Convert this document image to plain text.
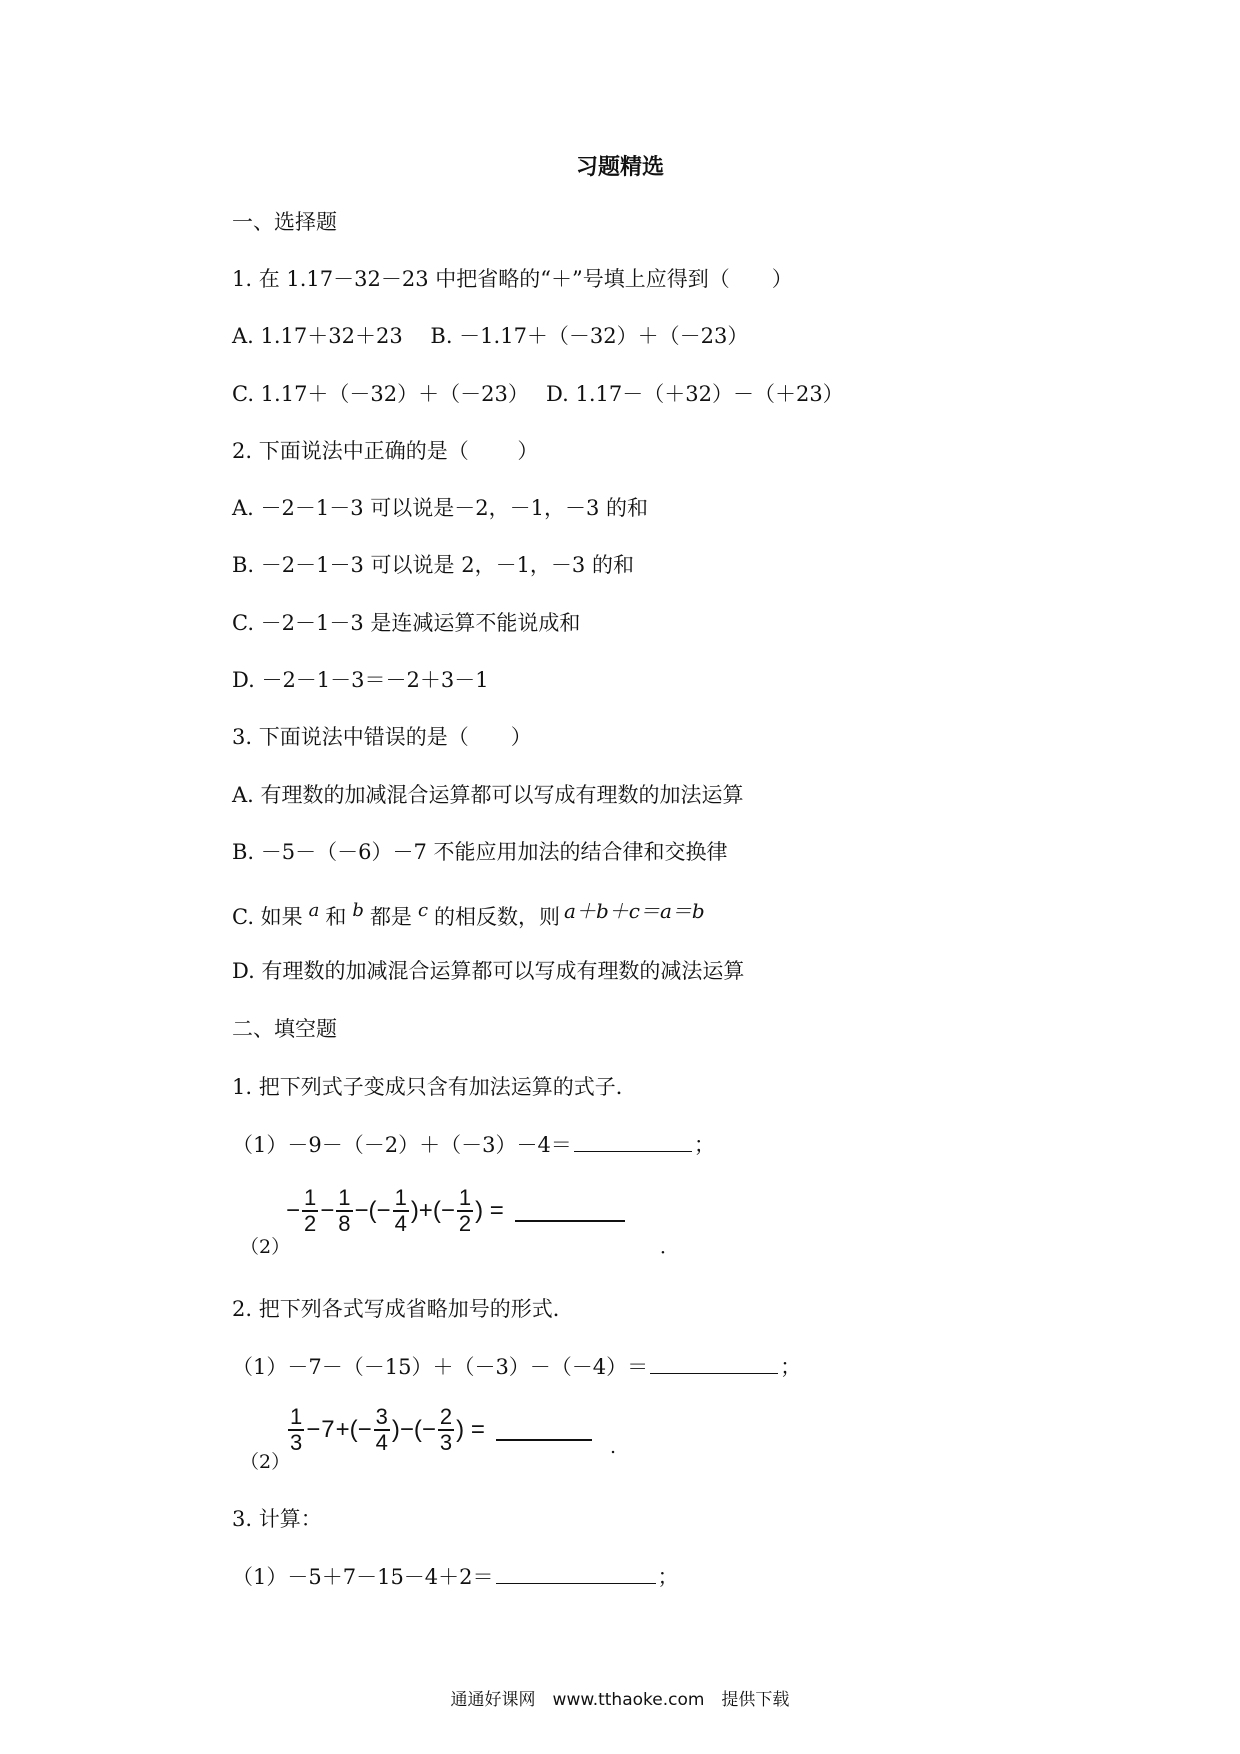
习题精选
一、选择题
1. 在 1.17－32－23 中把省略的“＋”号填上应得到（　　）
A. 1.17＋32＋23　 B. －1.17＋（－32）＋（－23）
C. 1.17＋（－32）＋（－23）　 D. 1.17－（＋32）－（＋23）
2. 下面说法中正确的是（　　 ）
A. －2－1－3 可以说是－2，－1，－3 的和
B. －2－1－3 可以说是 2，－1，－3 的和
C. －2－1－3 是连减运算不能说成和
D. －2－1－3＝－2＋3－1
3. 下面说法中错误的是（　　）
A. 有理数的加减混合运算都可以写成有理数的加法运算
B. －5－（－6）－7 不能应用加法的结合律和交换律
C. 如果 a 和 b 都是 c 的相反数，则 a＋b＋c＝a＝b
D. 有理数的加减混合运算都可以写成有理数的减法运算
二、填空题
1. 把下列式子变成只含有加法运算的式子．
（1）－9－（－2）＋（－3）－4＝	；
（2）
− $\frac{1}{2} - \frac{1}{8}$ −(− $\frac{1}{4}$ )+(− $\frac{1}{2}$ ) =
．
2. 把下列各式写成省略加号的形式．
（1）－7－（－15）＋（－3）－（－4）＝	；
（2）
$\frac{1}{3} - 7$ +(− $\frac{3}{4}$ )−(− $\frac{2}{3}$ ) =
.
3. 计算：
（1）－5＋7－15－4＋2＝	；
通通好课网　www.tthaoke.com　提供下载
